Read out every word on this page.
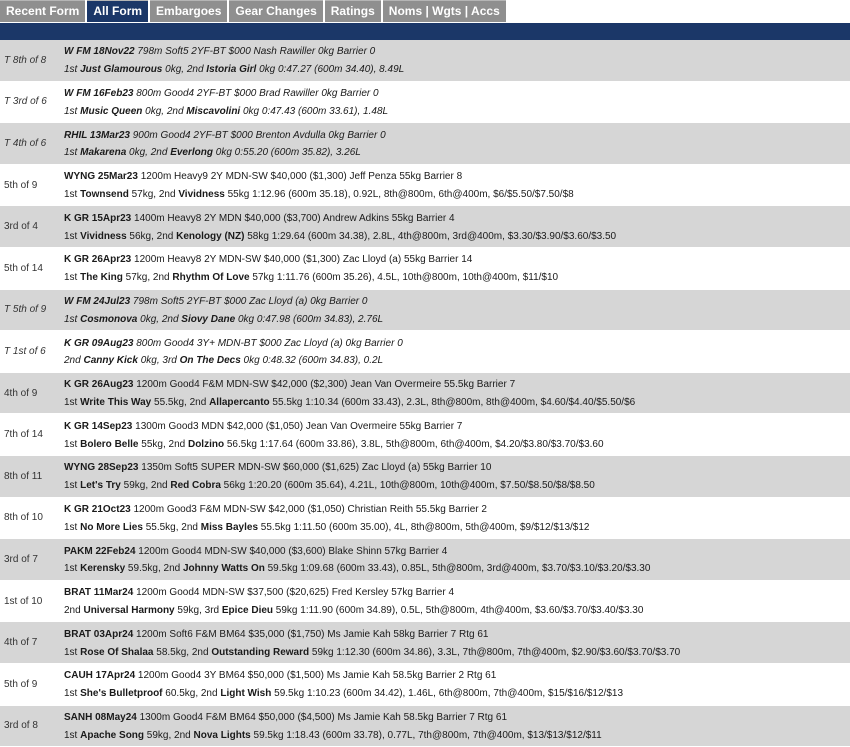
Recent Form	All Form	Embargoes	Gear Changes	Ratings	Noms | Wgts | Accs
T 8th of 8
W FM 18Nov22 798m Soft5 2YF-BT $000 Nash Rawiller 0kg Barrier 0
1st Just Glamourous 0kg, 2nd Istoria Girl 0kg 0:47.27 (600m 34.40), 8.49L
T 3rd of 6
W FM 16Feb23 800m Good4 2YF-BT $000 Brad Rawiller 0kg Barrier 0
1st Music Queen 0kg, 2nd Miscavolini 0kg 0:47.43 (600m 33.61), 1.48L
T 4th of 6
RHIL 13Mar23 900m Good4 2YF-BT $000 Brenton Avdulla 0kg Barrier 0
1st Makarena 0kg, 2nd Everlong 0kg 0:55.20 (600m 35.82), 3.26L
5th of 9
WYNG 25Mar23 1200m Heavy9 2Y MDN-SW $40,000 ($1,300) Jeff Penza 55kg Barrier 8
1st Townsend 57kg, 2nd Vividness 55kg 1:12.96 (600m 35.18), 0.92L, 8th@800m, 6th@400m, $6/$5.50/$7.50/$8
3rd of 4
K GR 15Apr23 1400m Heavy8 2Y MDN $40,000 ($3,700) Andrew Adkins 55kg Barrier 4
1st Vividness 56kg, 2nd Kenology (NZ) 58kg 1:29.64 (600m 34.38), 2.8L, 4th@800m, 3rd@400m, $3.30/$3.90/$3.60/$3.50
5th of 14
K GR 26Apr23 1200m Heavy8 2Y MDN-SW $40,000 ($1,300) Zac Lloyd (a) 55kg Barrier 14
1st The King 57kg, 2nd Rhythm Of Love 57kg 1:11.76 (600m 35.26), 4.5L, 10th@800m, 10th@400m, $11/$10
T 5th of 9
W FM 24Jul23 798m Soft5 2YF-BT $000 Zac Lloyd (a) 0kg Barrier 0
1st Cosmonova 0kg, 2nd Siovy Dane 0kg 0:47.98 (600m 34.83), 2.76L
T 1st of 6
K GR 09Aug23 800m Good4 3Y+ MDN-BT $000 Zac Lloyd (a) 0kg Barrier 0
2nd Canny Kick 0kg, 3rd On The Decs 0kg 0:48.32 (600m 34.83), 0.2L
4th of 9
K GR 26Aug23 1200m Good4 F&M MDN-SW $42,000 ($2,300) Jean Van Overmeire 55.5kg Barrier 7
1st Write This Way 55.5kg, 2nd Allapercanto 55.5kg 1:10.34 (600m 33.43), 2.3L, 8th@800m, 8th@400m, $4.60/$4.40/$5.50/$6
7th of 14
K GR 14Sep23 1300m Good3 MDN $42,000 ($1,050) Jean Van Overmeire 55kg Barrier 7
1st Bolero Belle 55kg, 2nd Dolzino 56.5kg 1:17.64 (600m 33.86), 3.8L, 5th@800m, 6th@400m, $4.20/$3.80/$3.70/$3.60
8th of 11
WYNG 28Sep23 1350m Soft5 SUPER MDN-SW $60,000 ($1,625) Zac Lloyd (a) 55kg Barrier 10
1st Let's Try 59kg, 2nd Red Cobra 56kg 1:20.20 (600m 35.64), 4.21L, 10th@800m, 10th@400m, $7.50/$8.50/$8/$8.50
8th of 10
K GR 21Oct23 1200m Good3 F&M MDN-SW $42,000 ($1,050) Christian Reith 55.5kg Barrier 2
1st No More Lies 55.5kg, 2nd Miss Bayles 55.5kg 1:11.50 (600m 35.00), 4L, 8th@800m, 5th@400m, $9/$12/$13/$12
3rd of 7
PAKM 22Feb24 1200m Good4 MDN-SW $40,000 ($3,600) Blake Shinn 57kg Barrier 4
1st Kerensky 59.5kg, 2nd Johnny Watts On 59.5kg 1:09.68 (600m 33.43), 0.85L, 5th@800m, 3rd@400m, $3.70/$3.10/$3.20/$3.30
1st of 10
BRAT 11Mar24 1200m Good4 MDN-SW $37,500 ($20,625) Fred Kersley 57kg Barrier 4
2nd Universal Harmony 59kg, 3rd Epice Dieu 59kg 1:11.90 (600m 34.89), 0.5L, 5th@800m, 4th@400m, $3.60/$3.70/$3.40/$3.30
4th of 7
BRAT 03Apr24 1200m Soft6 F&M BM64 $35,000 ($1,750) Ms Jamie Kah 58kg Barrier 7 Rtg 61
1st Rose Of Shalaa 58.5kg, 2nd Outstanding Reward 59kg 1:12.30 (600m 34.86), 3.3L, 7th@800m, 7th@400m, $2.90/$3.60/$3.70/$3.70
5th of 9
CAUH 17Apr24 1200m Good4 3Y BM64 $50,000 ($1,500) Ms Jamie Kah 58.5kg Barrier 2 Rtg 61
1st She's Bulletproof 60.5kg, 2nd Light Wish 59.5kg 1:10.23 (600m 34.42), 1.46L, 6th@800m, 7th@400m, $15/$16/$12/$13
3rd of 8
SANH 08May24 1300m Good4 F&M BM64 $50,000 ($4,500) Ms Jamie Kah 58.5kg Barrier 7 Rtg 61
1st Apache Song 59kg, 2nd Nova Lights 59.5kg 1:18.43 (600m 33.78), 0.77L, 7th@800m, 7th@400m, $13/$13/$12/$11
